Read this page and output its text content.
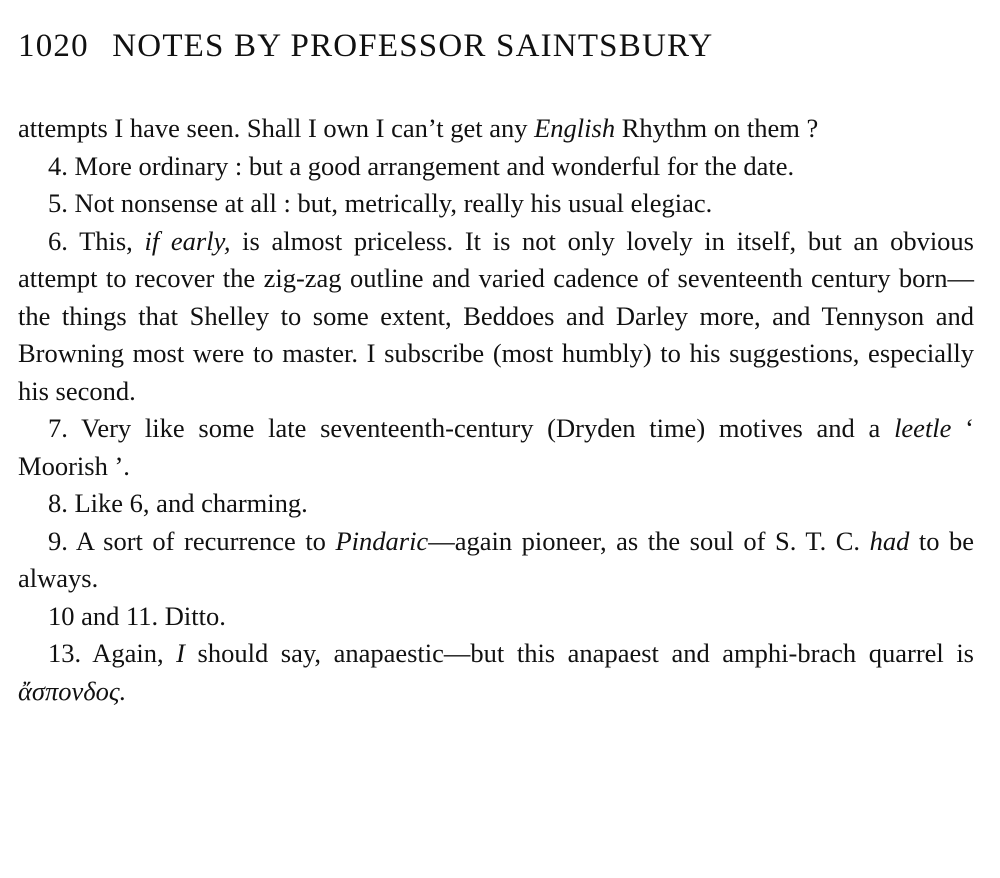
1020 NOTES BY PROFESSOR SAINTSBURY

attempts I have seen. Shall I own I can’t get any English Rhythm on them ?

4. More ordinary : but a good arrangement and wonderful for the date.

5. Not nonsense at all : but, metrically, really his usual elegiac.

6. This, if early, is almost priceless. It is not only lovely in itself, but an obvious attempt to recover the zig-zag outline and varied cadence of seventeenth century born—the things that Shelley to some extent, Beddoes and Darley more, and Tennyson and Browning most were to master. I subscribe (most humbly) to his suggestions, especially his second.

7. Very like some late seventeenth-century (Dryden time) motives and a leetle ‘ Moorish ’.

8. Like 6, and charming.

9. A sort of recurrence to Pindaric—again pioneer, as the soul of S. T. C. had to be always.

10 and 11. Ditto.

13. Again, I should say, anapaestic—but this anapaest and amphi-brach quarrel is ἄσπονδος.
